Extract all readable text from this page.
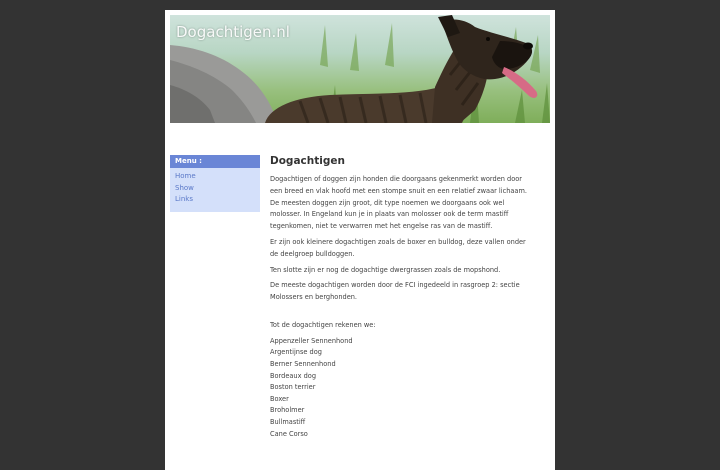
Dogachtigen.nl
Menu :
Home
Show
Links
Dogachtigen

Dogachtigen of doggen zijn honden die doorgaans gekenmerkt worden door een breed en vlak hoofd met een stompe snuit en een relatief zwaar lichaam. De meesten doggen zijn groot, dit type noemen we doorgaans ook wel molosser. In Engeland kun je in plaats van molosser ook de term mastiff tegenkomen, niet te verwarren met het engelse ras van de mastiff.

Er zijn ook kleinere dogachtigen zoals de boxer en bulldog, deze vallen onder de deelgroep bulldoggen.

Ten slotte zijn er nog de dogachtige dwergrassen zoals de mopshond.

De meeste dogachtigen worden door de FCI ingedeeld in rasgroep 2: sectie Molossers en berghonden.

Tot de dogachtigen rekenen we:

Appenzeller Sennenhond
Argentijnse dog
Berner Sennenhond
Bordeaux dog
Boston terrier
Boxer
Broholmer
Bullmastiff
Cane Corso
